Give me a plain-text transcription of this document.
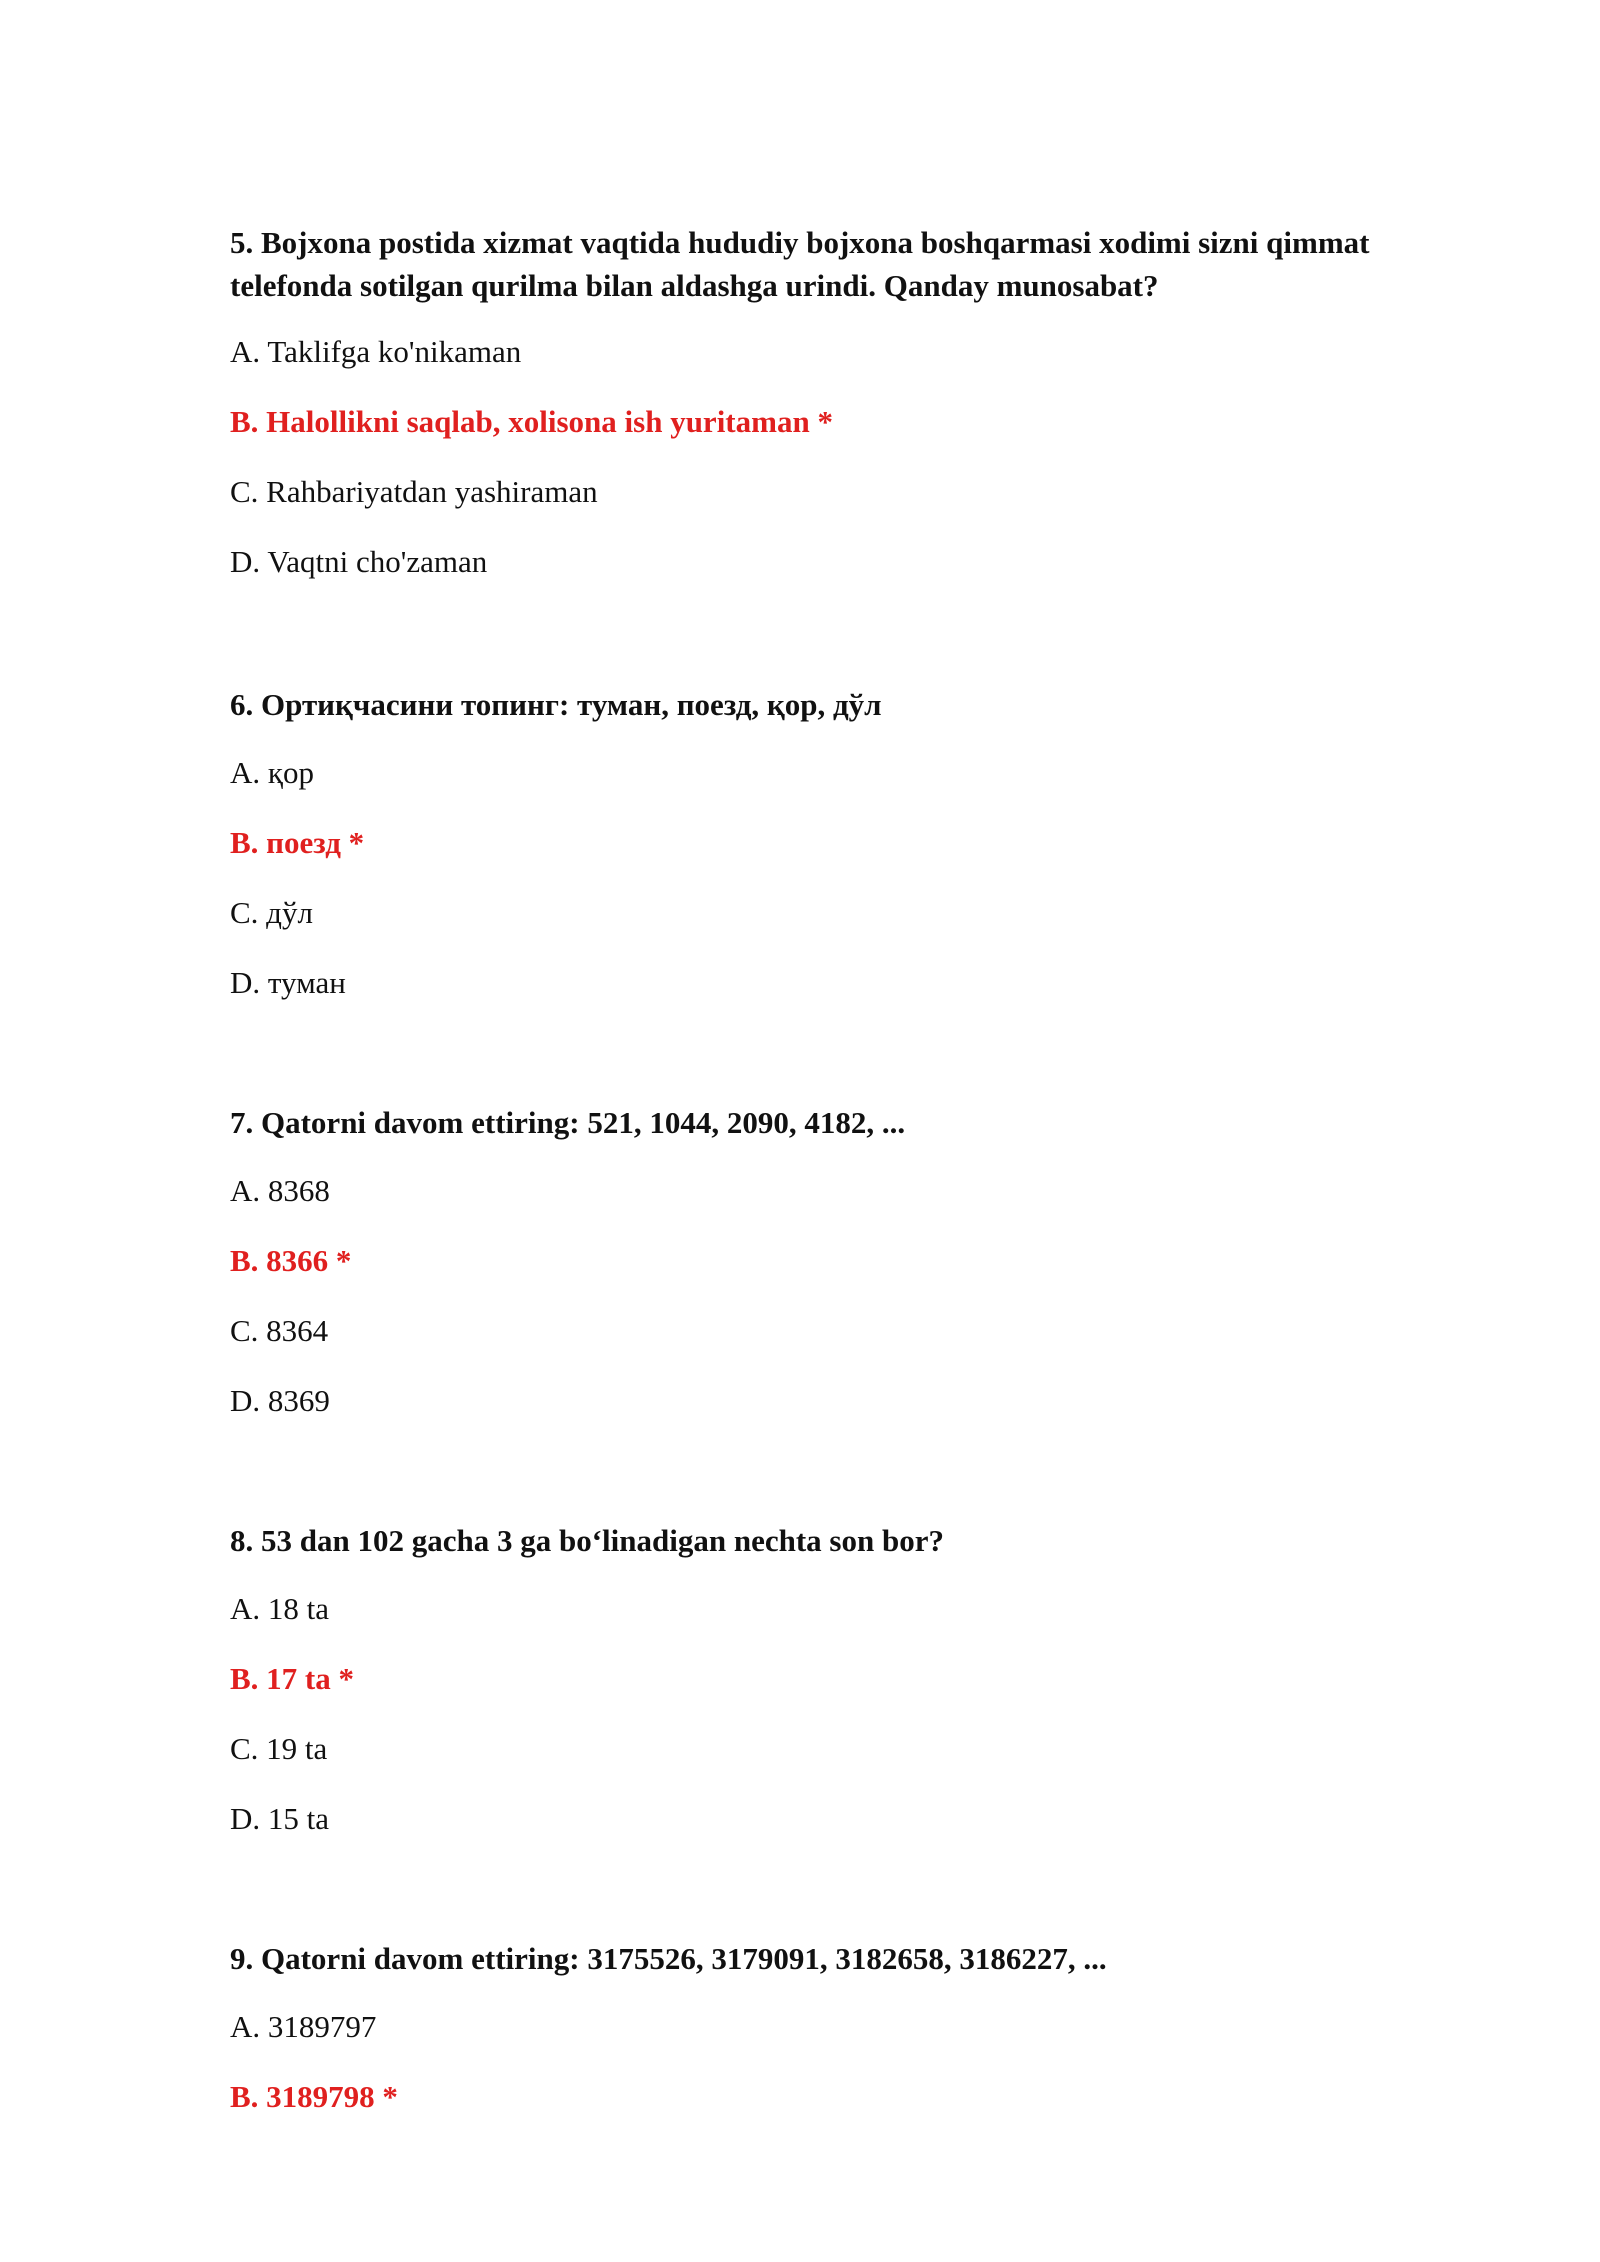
5. Bojxona postida xizmat vaqtida hududiy bojxona boshqarmasi xodimi sizni qimmat telefonda sotilgan qurilma bilan aldashga urindi. Qanday munosabat?

A. Taklifga ko'nikaman
B. Halollikni saqlab, xolisona ish yuritaman *
C. Rahbariyatdan yashiraman
D. Vaqtni cho'zaman

6. Ортиқчасини топинг: туман, поезд, қор, дўл

A. қор
B. поезд *
C. дўл
D. туман

7. Qatorni davom ettiring: 521, 1044, 2090, 4182, ...

A. 8368
B. 8366 *
C. 8364
D. 8369

8. 53 dan 102 gacha 3 ga bo‘linadigan nechta son bor?

A. 18 ta
B. 17 ta *
C. 19 ta
D. 15 ta

9. Qatorni davom ettiring: 3175526, 3179091, 3182658, 3186227, ...

A. 3189797
B. 3189798 *
